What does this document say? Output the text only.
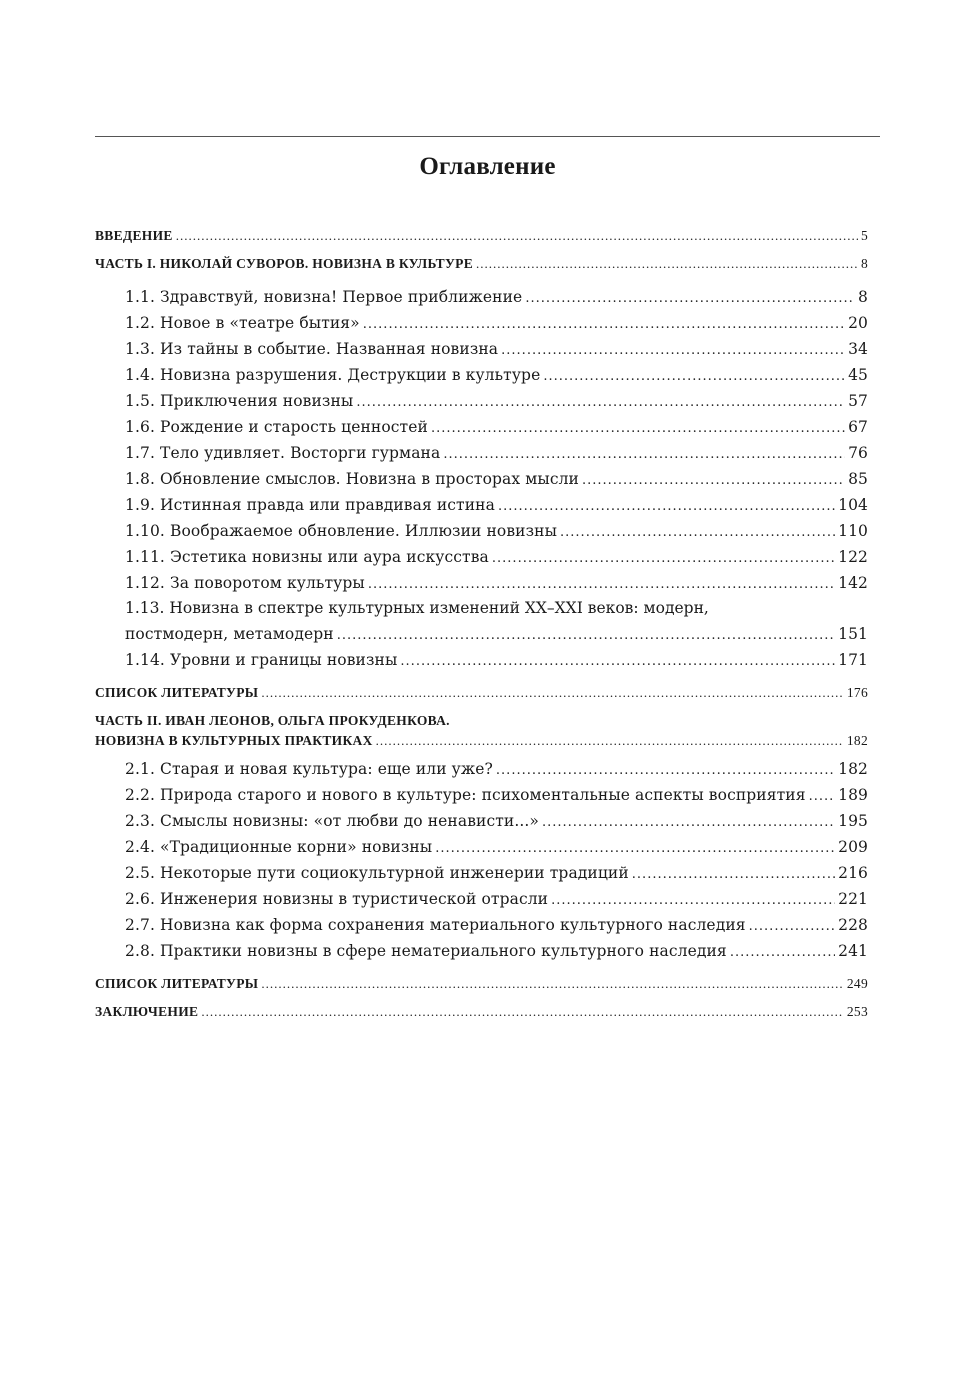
Оглавление
ВВЕДЕНИЕ .....	5
ЧАСТЬ I. НИКОЛАЙ СУВОРОВ. НОВИЗНА В КУЛЬТУРЕ .....	8
1.1. Здравствуй, новизна! Первое приближение .....	8
1.2. Новое в «театре бытия» .....	20
1.3. Из тайны в событие. Названная новизна .....	34
1.4. Новизна разрушения. Деструкции в культуре .....	45
1.5. Приключения новизны .....	57
1.6. Рождение и старость ценностей .....	67
1.7. Тело удивляет. Восторги гурмана .....	76
1.8. Обновление смыслов. Новизна в просторах мысли .....	85
1.9. Истинная правда или правдивая истина .....	104
1.10. Воображаемое обновление. Иллюзии новизны .....	110
1.11. Эстетика новизны или аура искусства .....	122
1.12. За поворотом культуры .....	142
1.13. Новизна в спектре культурных изменений XX–XXI веков: модерн,
постмодерн, метамодерн .....	151
1.14. Уровни и границы новизны .....	171
СПИСОК ЛИТЕРАТУРЫ .....	176
ЧАСТЬ II. ИВАН ЛЕОНОВ, ОЛЬГА ПРОКУДЕНКОВА.
НОВИЗНА В КУЛЬТУРНЫХ ПРАКТИКАХ .....	182
2.1. Старая и новая культура: еще или уже? .....	182
2.2. Природа старого и нового в культуре: психоментальные аспекты восприятия ..... 189
2.3. Смыслы новизны: «от любви до ненависти...» .....	195
2.4. «Традиционные корни» новизны .....	209
2.5. Некоторые пути социокультурной инженерии традиций .....	216
2.6. Инженерия новизны в туристической отрасли .....	221
2.7. Новизна как форма сохранения материального культурного наследия .....	228
2.8. Практики новизны в сфере нематериального культурного наследия .....	241
СПИСОК ЛИТЕРАТУРЫ .....	249
ЗАКЛЮЧЕНИЕ .....	253
